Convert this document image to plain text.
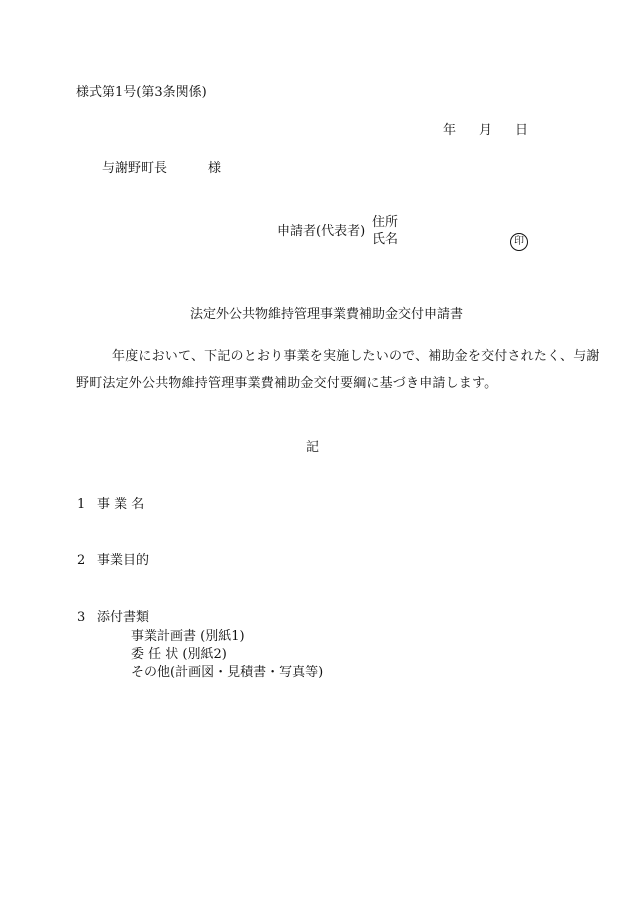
様式第1号(第3条関係)
年 月 日
与謝野町長	様
申請者(代表者)
住所
氏名	印
法定外公共物維持管理事業費補助金交付申請書
年度において、下記のとおり事業を実施したいので、補助金を交付されたく、与謝
野町法定外公共物維持管理事業費補助金交付要綱に基づき申請します。
記
1 事 業 名
2 事業目的
3 添付書類
事業計画書 (別紙1)
委 任 状 (別紙2)
その他(計画図・見積書・写真等)
